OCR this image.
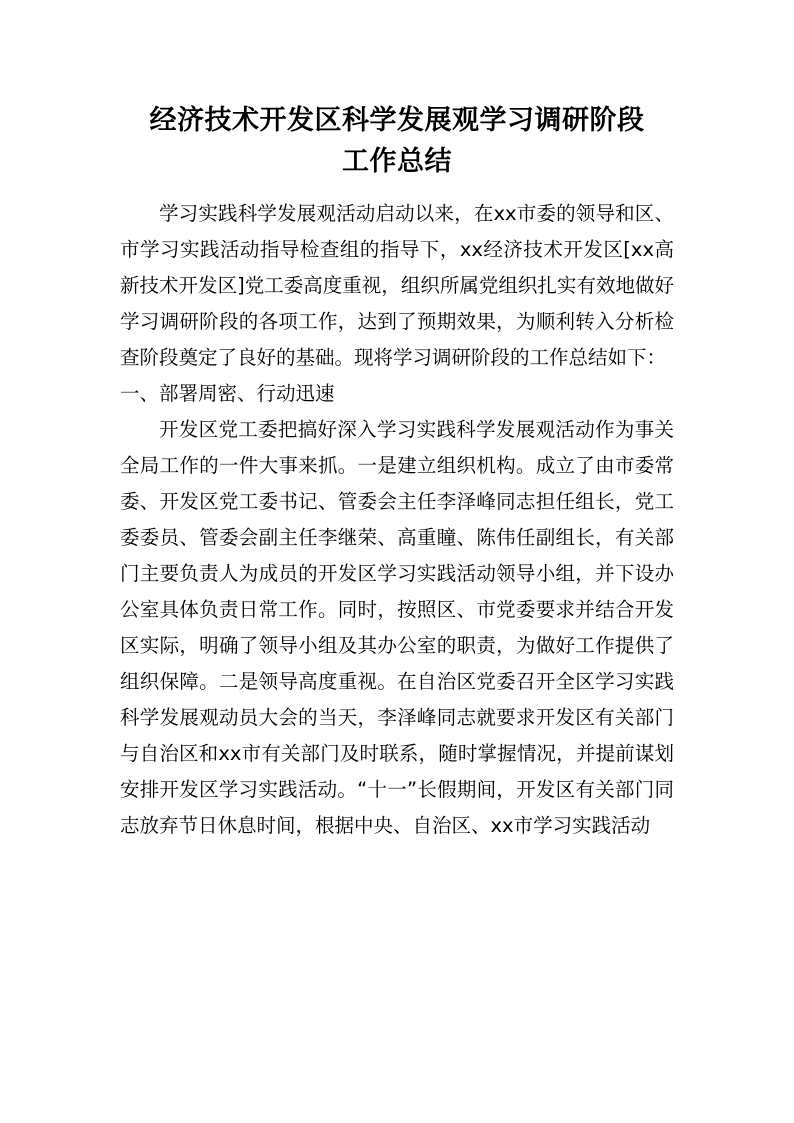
经济技术开发区科学发展观学习调研阶段
工作总结

学习实践科学发展观活动启动以来，在xx市委的领导和区、市学习实践活动指导检查组的指导下，xx经济技术开发区[xx高新技术开发区]党工委高度重视，组织所属党组织扎实有效地做好学习调研阶段的各项工作，达到了预期效果，为顺利转入分析检查阶段奠定了良好的基础。现将学习调研阶段的工作总结如下：

一、部署周密、行动迅速

开发区党工委把搞好深入学习实践科学发展观活动作为事关全局工作的一件大事来抓。一是建立组织机构。成立了由市委常委、开发区党工委书记、管委会主任李泽峰同志担任组长，党工委委员、管委会副主任李继荣、高重瞳、陈伟任副组长，有关部门主要负责人为成员的开发区学习实践活动领导小组，并下设办公室具体负责日常工作。同时，按照区、市党委要求并结合开发区实际，明确了领导小组及其办公室的职责，为做好工作提供了组织保障。二是领导高度重视。在自治区党委召开全区学习实践科学发展观动员大会的当天，李泽峰同志就要求开发区有关部门与自治区和xx市有关部门及时联系，随时掌握情况，并提前谋划安排开发区学习实践活动。“十一”长假期间，开发区有关部门同志放弃节日休息时间，根据中央、自治区、xx市学习实践活动
